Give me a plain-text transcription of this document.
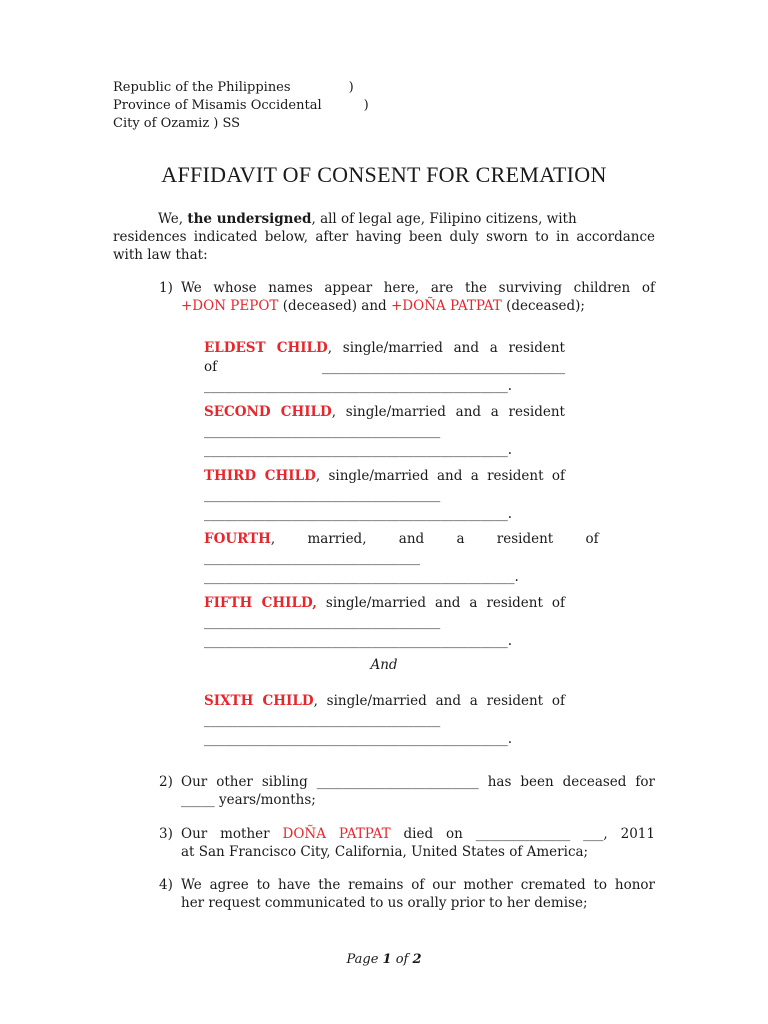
Republic of the Philippines	)
Province of Misamis Occidental	)
City of Ozamiz ) SS
AFFIDAVIT OF CONSENT FOR CREMATION
We, the undersigned, all of legal age, Filipino citizens, with
residences indicated below, after having been duly sworn to in accordance
with law that:
1) We whose names appear here, are the surviving children of
+DON PEPOT (deceased) and +DOÑA PATPAT (deceased);
ELDEST CHILD, single/married and a resident
of	____________________________________
_____________________________________________.
SECOND CHILD, single/married and a resident
___________________________________
_____________________________________________.
THIRD CHILD, single/married and a resident of
___________________________________
_____________________________________________.
FOURTH, married, and a resident of
________________________________
______________________________________________.
FIFTH CHILD, single/married and a resident of
___________________________________
_____________________________________________.
And
SIXTH CHILD, single/married and a resident of
___________________________________
_____________________________________________.
2) Our other sibling ________________________ has been deceased for
_____ years/months;
3) Our mother DOÑA PATPAT died on ______________ ___, 2011
at San Francisco City, California, United States of America;
4) We agree to have the remains of our mother cremated to honor
her request communicated to us orally prior to her demise;
Page 1 of 2
